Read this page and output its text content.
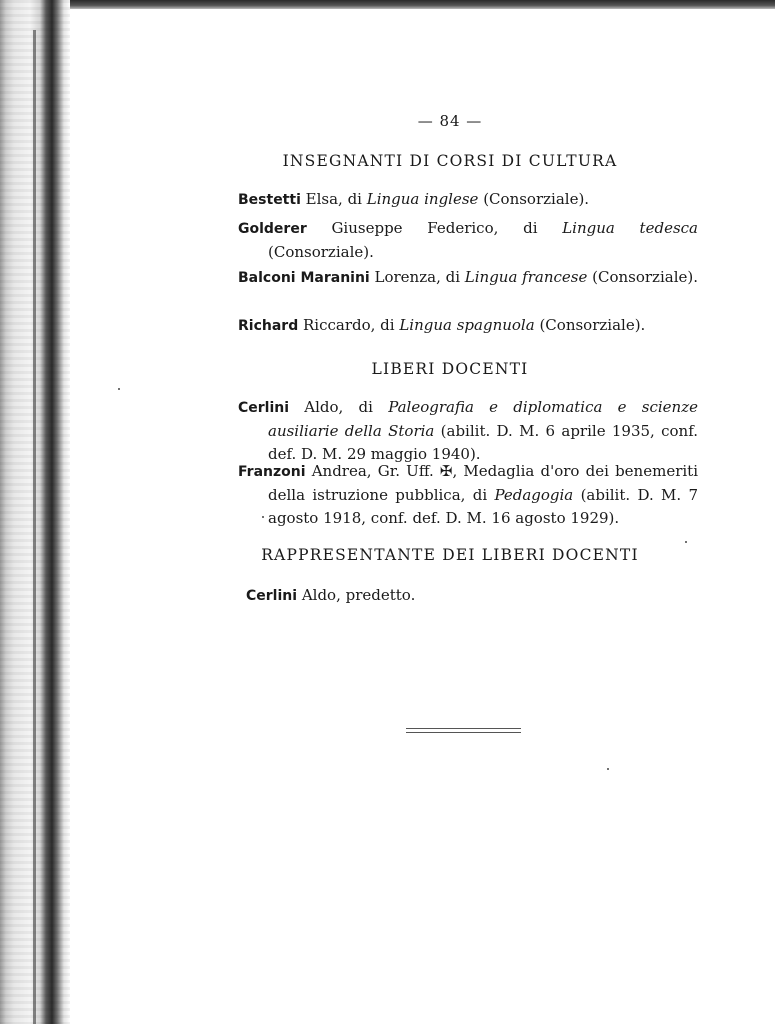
— 84 —
INSEGNANTI DI CORSI DI CULTURA
Bestetti Elsa, di Lingua inglese (Consorziale).
Golderer Giuseppe Federico, di Lingua tedesca (Consorziale).
Balconi Maranini Lorenza, di Lingua francese (Consorziale).
Richard Riccardo, di Lingua spagnuola (Consorziale).
LIBERI DOCENTI
Cerlini Aldo, di Paleografia e diplomatica e scienze ausiliarie della Storia (abilit. D. M. 6 aprile 1935, conf. def. D. M. 29 maggio 1940).
Franzoni Andrea, Gr. Uff. ✠, Medaglia d'oro dei benemeriti della istruzione pubblica, di Pedagogia (abilit. D. M. 7 agosto 1918, conf. def. D. M. 16 agosto 1929).
RAPPRESENTANTE DEI LIBERI DOCENTI
Cerlini Aldo, predetto.
